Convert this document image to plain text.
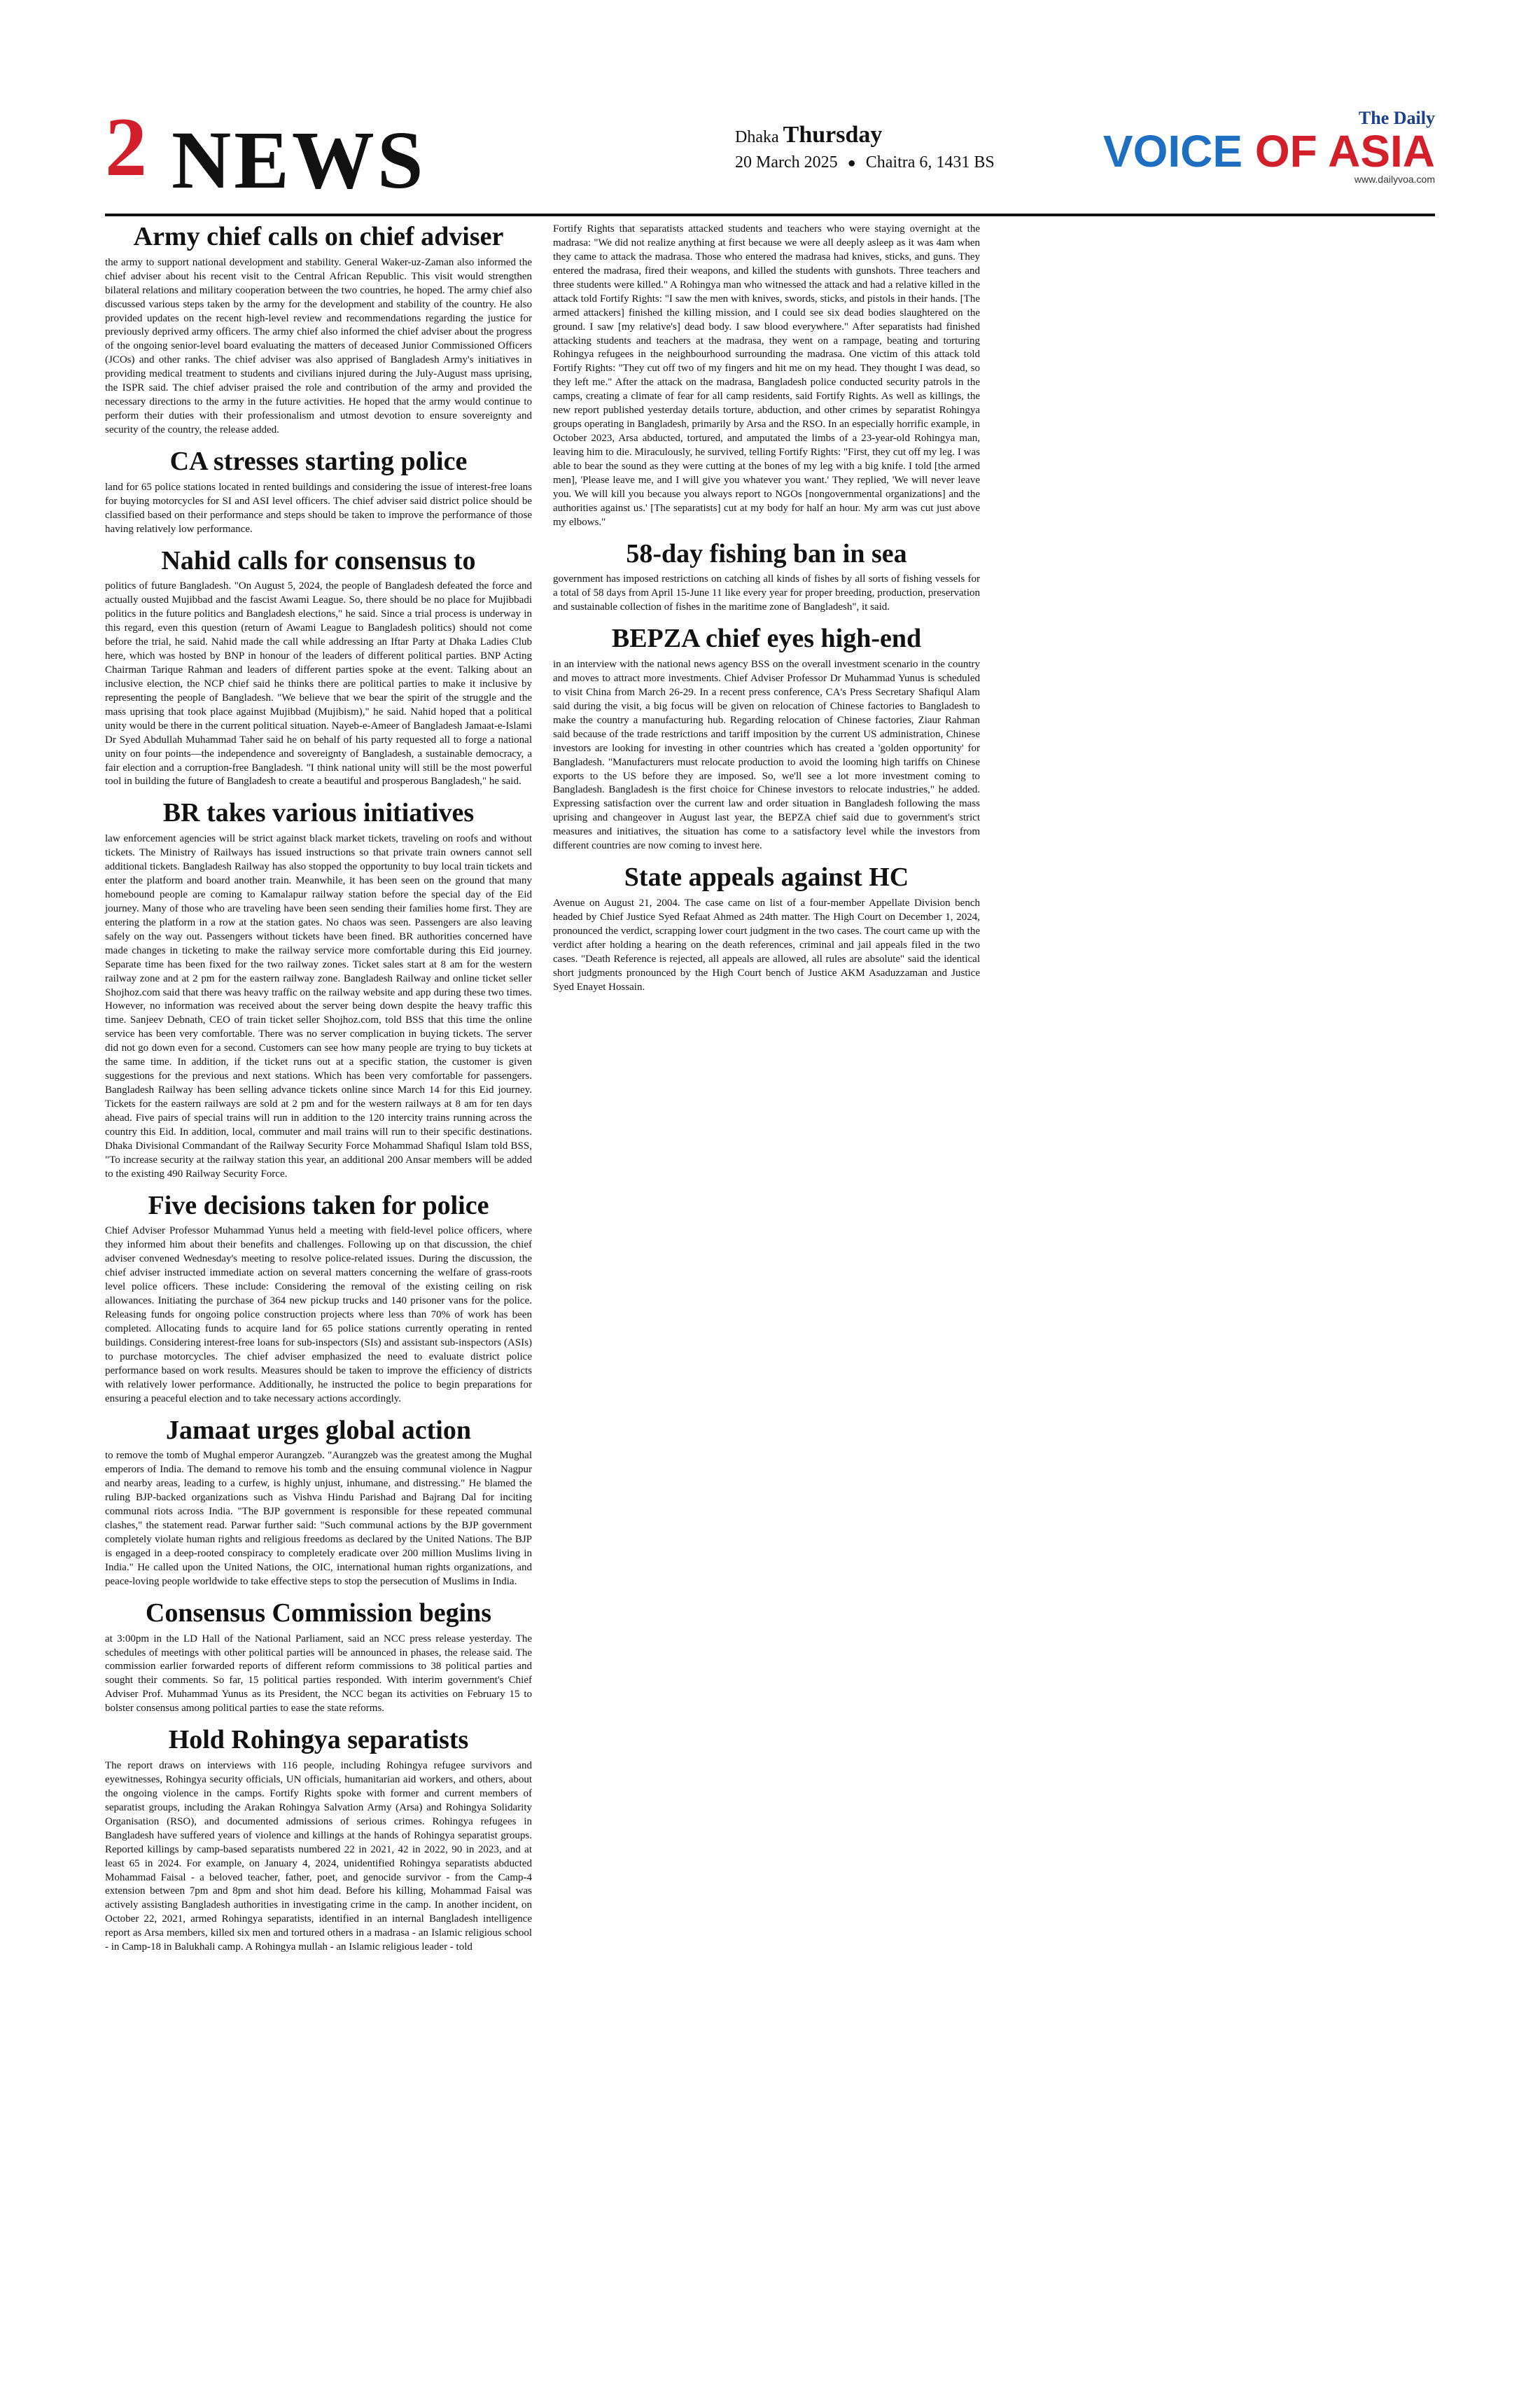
2 NEWS	Dhaka Thursday
20 March 2025 ● Chaitra 6, 1431 BS
The Daily
VOICE OF ASIA
www.dailyvoa.com
Army chief calls on chief adviser

the army to support national development and stability. General Waker-uz-Zaman also informed the chief adviser about his recent visit to the Central African Republic. This visit would strengthen bilateral relations and military cooperation between the two countries, he hoped. The army chief also discussed various steps taken by the army for the development and stability of the country. He also provided updates on the recent high-level review and recommendations regarding the justice for previously deprived army officers. The army chief also informed the chief adviser about the progress of the ongoing senior-level board evaluating the matters of deceased Junior Commissioned Officers (JCOs) and other ranks. The chief adviser was also apprised of Bangladesh Army's initiatives in providing medical treatment to students and civilians injured during the July-August mass uprising, the ISPR said. The chief adviser praised the role and contribution of the army and provided the necessary directions to the army in the future activities. He hoped that the army would continue to perform their duties with their professionalism and utmost devotion to ensure sovereignty and security of the country, the release added.

CA stresses starting police

land for 65 police stations located in rented buildings and considering the issue of interest-free loans for buying motorcycles for SI and ASI level officers. The chief adviser said district police should be classified based on their performance and steps should be taken to improve the performance of those having relatively low performance.

Nahid calls for consensus to

politics of future Bangladesh. "On August 5, 2024, the people of Bangladesh defeated the force and actually ousted Mujibbad and the fascist Awami League. So, there should be no place for Mujibbadi politics in the future politics and Bangladesh elections," he said. Since a trial process is underway in this regard, even this question (return of Awami League to Bangladesh politics) should not come before the trial, he said. Nahid made the call while addressing an Iftar Party at Dhaka Ladies Club here, which was hosted by BNP in honour of the leaders of different political parties. BNP Acting Chairman Tarique Rahman and leaders of different parties spoke at the event. Talking about an inclusive election, the NCP chief said he thinks there are political parties to make it inclusive by representing the people of Bangladesh. "We believe that we bear the spirit of the struggle and the mass uprising that took place against Mujibbad (Mujibism)," he said. Nahid hoped that a political unity would be there in the current political situation. Nayeb-e-Ameer of Bangladesh Jamaat-e-Islami Dr Syed Abdullah Muhammad Taher said he on behalf of his party requested all to forge a national unity on four points—the independence and sovereignty of Bangladesh, a sustainable democracy, a fair election and a corruption-free Bangladesh. "I think national unity will still be the most powerful tool in building the future of Bangladesh to create a beautiful and prosperous Bangladesh," he said.

BR takes various initiatives

law enforcement agencies will be strict against black market tickets, traveling on roofs and without tickets. The Ministry of Railways has issued instructions so that private train owners cannot sell additional tickets. Bangladesh Railway has also stopped the opportunity to buy local train tickets and enter the platform and board another train. Meanwhile, it has been seen on the ground that many homebound people are coming to Kamalapur railway station before the special day of the Eid journey. Many of those who are traveling have been seen sending their families home first. They are entering the platform in a row at the station gates. No chaos was seen. Passengers are also leaving safely on the way out. Passengers without tickets have been fined. BR authorities concerned have made changes in ticketing to make the railway service more comfortable during this Eid journey. Separate time has been fixed for the two railway zones. Ticket sales start at 8 am for the western railway zone and at 2 pm for the eastern railway zone. Bangladesh Railway and online ticket seller Shojhoz.com said that there was heavy traffic on the railway website and app during these two times. However, no information was received about the server being down despite the heavy traffic this time. Sanjeev Debnath, CEO of train ticket seller Shojhoz.com, told BSS that this time the online service has been very comfortable. There was no server complication in buying tickets. The server did not go down even for a second. Customers can see how many people are trying to buy tickets at the same time. In addition, if the ticket runs out at a specific station, the customer is given suggestions for the previous and next stations. Which has been very comfortable for passengers. Bangladesh Railway has been selling advance tickets online since March 14 for this Eid journey. Tickets for the eastern railways are sold at 2 pm and for the western railways at 8 am for ten days ahead. Five pairs of special trains will run in addition to the 120 intercity trains running across the country this Eid. In addition, local, commuter and mail trains will run to their specific destinations. Dhaka Divisional Commandant of the Railway Security Force Mohammad Shafiqul Islam told BSS, "To increase security at the railway station this year, an additional 200 Ansar members will be added to the existing 490 Railway Security Force.

Five decisions taken for police

Chief Adviser Professor Muhammad Yunus held a meeting with field-level police officers, where they informed him about their benefits and challenges. Following up on that discussion, the chief adviser convened Wednesday's meeting to resolve police-related issues. During the discussion, the chief adviser instructed immediate action on several matters concerning the welfare of grass-roots level police officers. These include: Considering the removal of the existing ceiling on risk allowances. Initiating the purchase of 364 new pickup trucks and 140 prisoner vans for the police. Releasing funds for ongoing police construction projects where less than 70% of work has been completed. Allocating funds to acquire land for 65 police stations currently operating in rented buildings. Considering interest-free loans for sub-inspectors (SIs) and assistant sub-inspectors (ASIs) to purchase motorcycles. The chief adviser emphasized the need to evaluate district police performance based on work results. Measures should be taken to improve the efficiency of districts with relatively lower performance. Additionally, he instructed the police to begin preparations for ensuring a peaceful election and to take necessary actions accordingly.

Jamaat urges global action

to remove the tomb of Mughal emperor Aurangzeb. "Aurangzeb was the greatest among the Mughal emperors of India. The demand to remove his tomb and the ensuing communal violence in Nagpur and nearby areas, leading to a curfew, is highly unjust, inhumane, and distressing." He blamed the ruling BJP-backed organizations such as Vishva Hindu Parishad and Bajrang Dal for inciting communal riots across India. "The BJP government is responsible for these repeated communal clashes," the statement read. Parwar further said: "Such communal actions by the BJP government completely violate human rights and religious freedoms as declared by the United Nations. The BJP is engaged in a deep-rooted conspiracy to completely eradicate over 200 million Muslims living in India." He called upon the United Nations, the OIC, international human rights organizations, and peace-loving people worldwide to take effective steps to stop the persecution of Muslims in India.

Consensus Commission begins

at 3:00pm in the LD Hall of the National Parliament, said an NCC press release yesterday. The schedules of meetings with other political parties will be announced in phases, the release said. The commission earlier forwarded reports of different reform commissions to 38 political parties and sought their comments. So far, 15 political parties responded. With interim government's Chief Adviser Prof. Muhammad Yunus as its President, the NCC began its activities on February 15 to bolster consensus among political parties to ease the state reforms.

Hold Rohingya separatists

The report draws on interviews with 116 people, including Rohingya refugee survivors and eyewitnesses, Rohingya security officials, UN officials, humanitarian aid workers, and others, about the ongoing violence in the camps. Fortify Rights spoke with former and current members of separatist groups, including the Arakan Rohingya Salvation Army (Arsa) and Rohingya Solidarity Organisation (RSO), and documented admissions of serious crimes. Rohingya refugees in Bangladesh have suffered years of violence and killings at the hands of Rohingya separatist groups. Reported killings by camp-based separatists numbered 22 in 2021, 42 in 2022, 90 in 2023, and at least 65 in 2024. For example, on January 4, 2024, unidentified Rohingya separatists abducted Mohammad Faisal - a beloved teacher, father, poet, and genocide survivor - from the Camp-4 extension between 7pm and 8pm and shot him dead. Before his killing, Mohammad Faisal was actively assisting Bangladesh authorities in investigating crime in the camp. In another incident, on October 22, 2021, armed Rohingya separatists, identified in an internal Bangladesh intelligence report as Arsa members, killed six men and tortured others in a madrasa - an Islamic religious school - in Camp-18 in Balukhali camp. A Rohingya mullah - an Islamic religious leader - told

Fortify Rights that separatists attacked students and teachers who were staying overnight at the madrasa: "We did not realize anything at first because we were all deeply asleep as it was 4am when they came to attack the madrasa. Those who entered the madrasa had knives, sticks, and guns. They entered the madrasa, fired their weapons, and killed the students with gunshots. Three teachers and three students were killed." A Rohingya man who witnessed the attack and had a relative killed in the attack told Fortify Rights: "I saw the men with knives, swords, sticks, and pistols in their hands. [The armed attackers] finished the killing mission, and I could see six dead bodies slaughtered on the ground. I saw [my relative's] dead body. I saw blood everywhere." After separatists had finished attacking students and teachers at the madrasa, they went on a rampage, beating and torturing Rohingya refugees in the neighbourhood surrounding the madrasa. One victim of this attack told Fortify Rights: "They cut off two of my fingers and hit me on my head. They thought I was dead, so they left me." After the attack on the madrasa, Bangladesh police conducted security patrols in the camps, creating a climate of fear for all camp residents, said Fortify Rights. As well as killings, the new report published yesterday details torture, abduction, and other crimes by separatist Rohingya groups operating in Bangladesh, primarily by Arsa and the RSO. In an especially horrific example, in October 2023, Arsa abducted, tortured, and amputated the limbs of a 23-year-old Rohingya man, leaving him to die. Miraculously, he survived, telling Fortify Rights: "First, they cut off my leg. I was able to bear the sound as they were cutting at the bones of my leg with a big knife. I told [the armed men], 'Please leave me, and I will give you whatever you want.' They replied, 'We will never leave you. We will kill you because you always report to NGOs [nongovernmental organizations] and the authorities against us.' [The separatists] cut at my body for half an hour. My arm was cut just above my elbows."

58-day fishing ban in sea

government has imposed restrictions on catching all kinds of fishes by all sorts of fishing vessels for a total of 58 days from April 15-June 11 like every year for proper breeding, production, preservation and sustainable collection of fishes in the maritime zone of Bangladesh", it said.

BEPZA chief eyes high-end

in an interview with the national news agency BSS on the overall investment scenario in the country and moves to attract more investments. Chief Adviser Professor Dr Muhammad Yunus is scheduled to visit China from March 26-29. In a recent press conference, CA's Press Secretary Shafiqul Alam said during the visit, a big focus will be given on relocation of Chinese factories to Bangladesh to make the country a manufacturing hub. Regarding relocation of Chinese factories, Ziaur Rahman said because of the trade restrictions and tariff imposition by the current US administration, Chinese investors are looking for investing in other countries which has created a 'golden opportunity' for Bangladesh. "Manufacturers must relocate production to avoid the looming high tariffs on Chinese exports to the US before they are imposed. So, we'll see a lot more investment coming to Bangladesh. Bangladesh is the first choice for Chinese investors to relocate industries," he added. Expressing satisfaction over the current law and order situation in Bangladesh following the mass uprising and changeover in August last year, the BEPZA chief said due to government's strict measures and initiatives, the situation has come to a satisfactory level while the investors from different countries are now coming to invest here.

State appeals against HC

Avenue on August 21, 2004. The case came on list of a four-member Appellate Division bench headed by Chief Justice Syed Refaat Ahmed as 24th matter. The High Court on December 1, 2024, pronounced the verdict, scrapping lower court judgment in the two cases. The court came up with the verdict after holding a hearing on the death references, criminal and jail appeals filed in the two cases. "Death Reference is rejected, all appeals are allowed, all rules are absolute" said the identical short judgments pronounced by the High Court bench of Justice AKM Asaduzzaman and Justice Syed Enayet Hossain.
